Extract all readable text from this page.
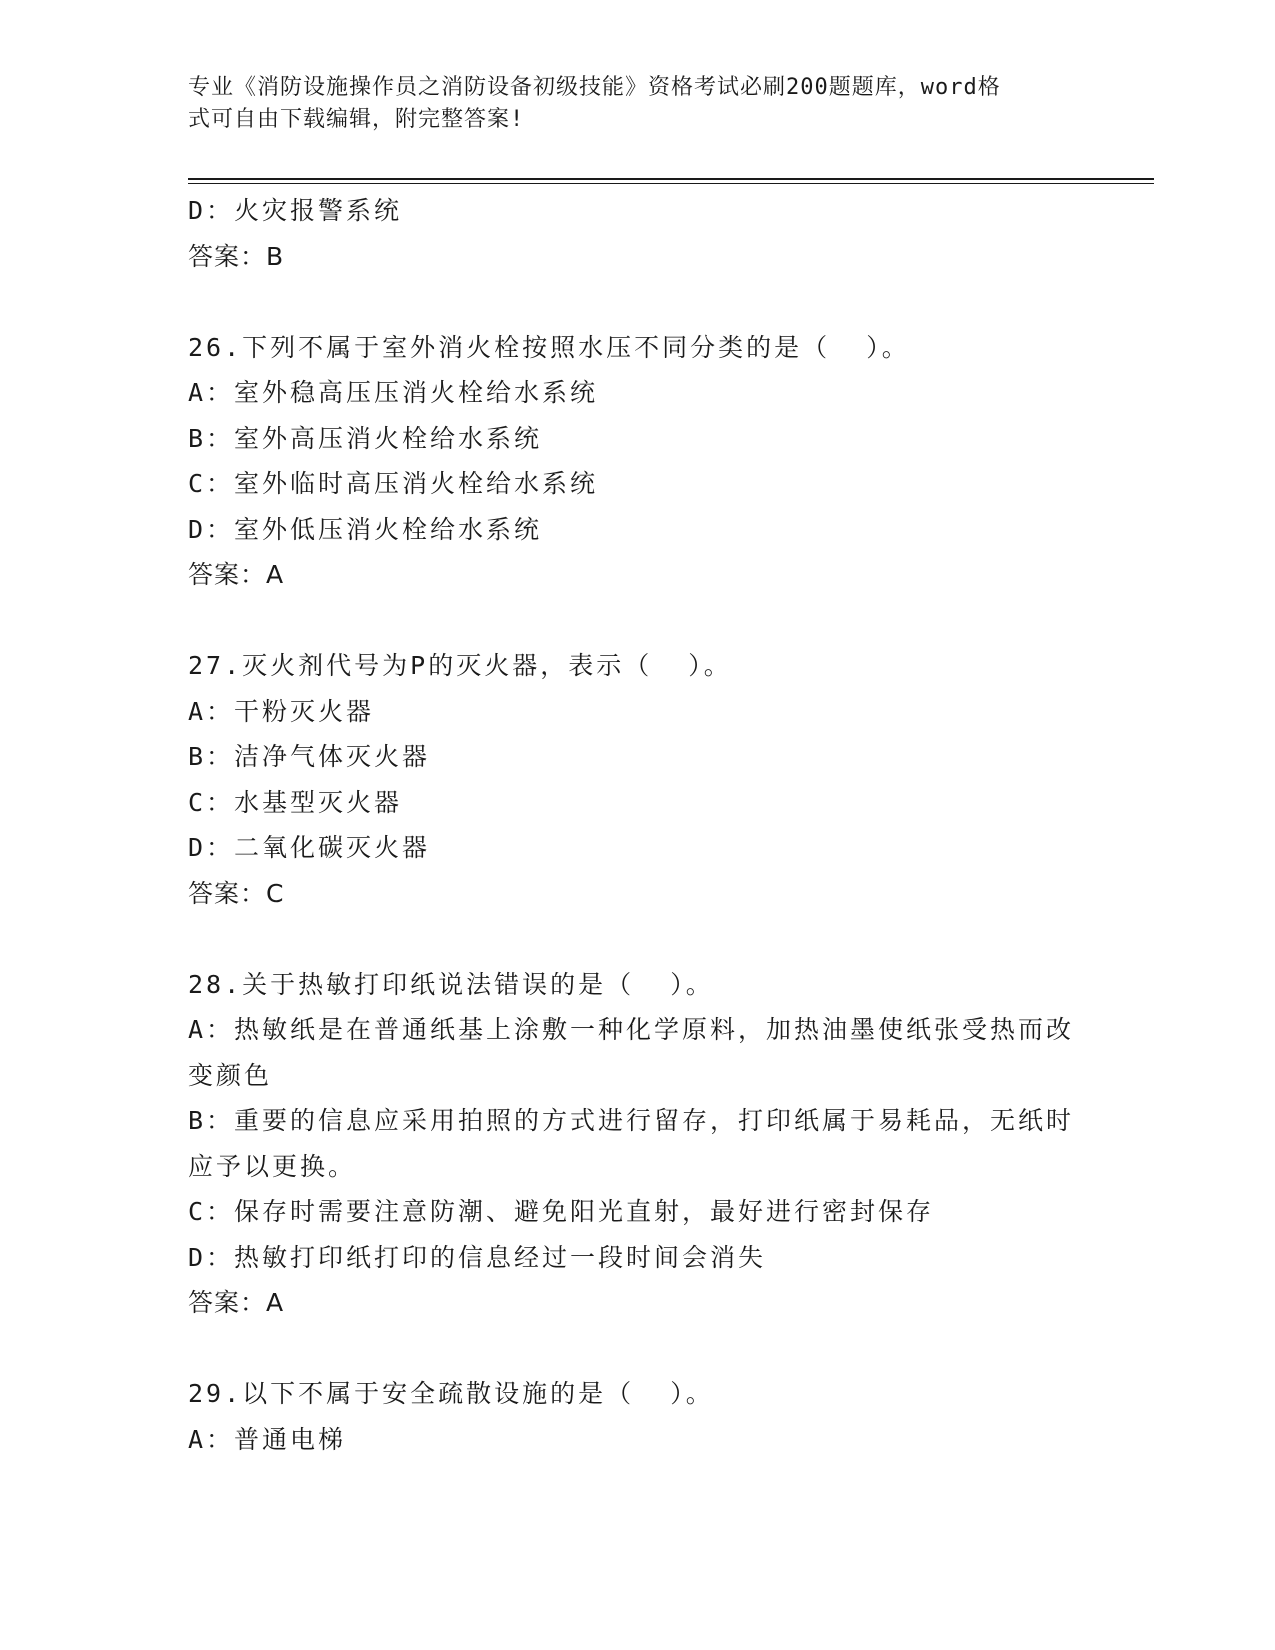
专业《消防设施操作员之消防设备初级技能》资格考试必刷200题题库，word格
式可自由下载编辑，附完整答案!
D：火灾报警系统
答案：B
26.下列不属于室外消火栓按照水压不同分类的是（  ）。
A：室外稳高压压消火栓给水系统
B：室外高压消火栓给水系统
C：室外临时高压消火栓给水系统
D：室外低压消火栓给水系统
答案：A
27.灭火剂代号为P的灭火器，表示（  ）。
A：干粉灭火器
B：洁净气体灭火器
C：水基型灭火器
D：二氧化碳灭火器
答案：C
28.关于热敏打印纸说法错误的是（  ）。
A：热敏纸是在普通纸基上涂敷一种化学原料，加热油墨使纸张受热而改变颜色
B：重要的信息应采用拍照的方式进行留存，打印纸属于易耗品，无纸时应予以更换。
C：保存时需要注意防潮、避免阳光直射，最好进行密封保存
D：热敏打印纸打印的信息经过一段时间会消失
答案：A
29.以下不属于安全疏散设施的是（  ）。
A：普通电梯
